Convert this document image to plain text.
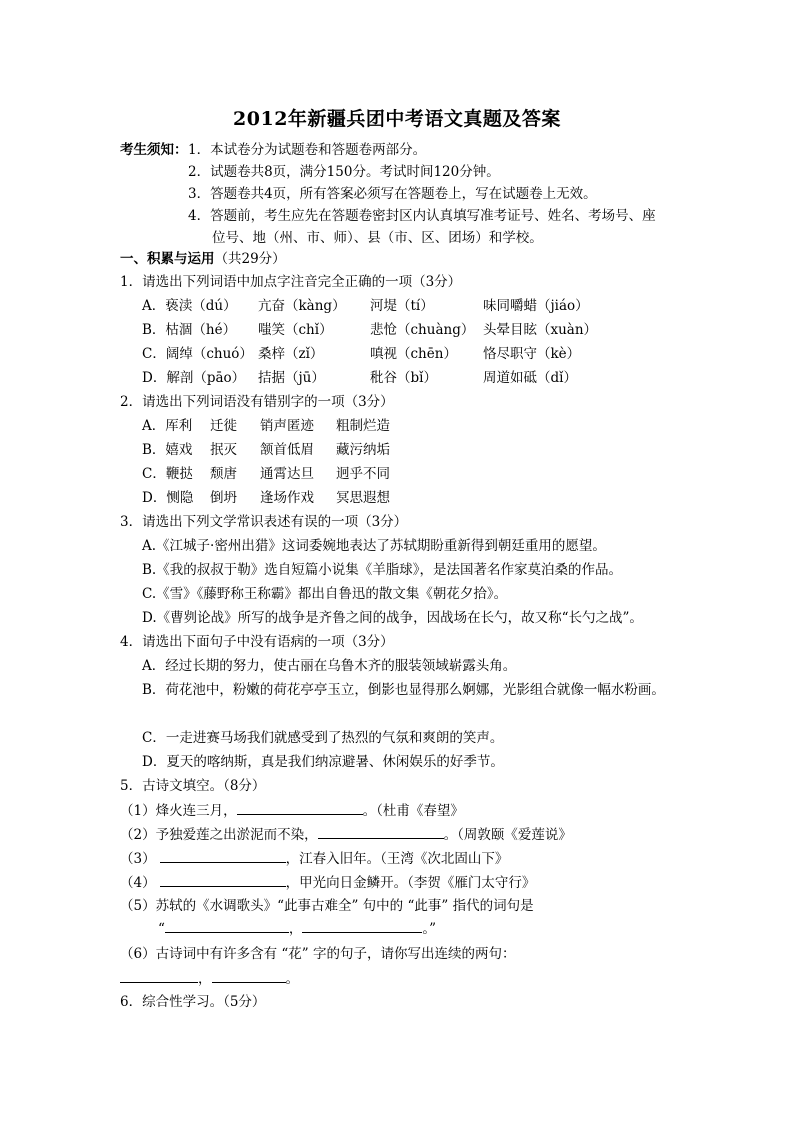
2012年新疆兵团中考语文真题及答案
考生须知： 1．本试卷分为试题卷和答题卷两部分。
2．试题卷共8页，满分150分。考试时间120分钟。
3．答题卷共4页，所有答案必须写在答题卷上，写在试题卷上无效。
4．答题前，考生应先在答题卷密封区内认真填写准考证号、姓名、考场号、座
位号、地（州、市、师）、县（市、区、团场）和学校。
一、积累与运用（共29分）
1．请选出下列词语中加点字注音完全正确的一项（3分）
A．亵渎（dú） 亢奋（kàng） 河堤（tí）	味同嚼蜡（jiáo）
B．枯涸（hé） 嗤笑（chǐ）	悲怆（chuàng） 头晕目眩（xuàn）
C．阔绰（chuó） 桑梓（zǐ）	嗔视（chēn） 恪尽职守（kè）
D．解剖（pāo） 拮据（jū）	秕谷（bǐ）	周道如砥（dǐ）
2．请选出下列词语没有错别字的一项（3分）
A．厍利 迁徙 销声匿迹 粗制烂造
B．嬉戏 抿灭 颔首低眉 藏污纳垢
C．鞭挞 颓唐 通霄达旦 迥乎不同
D．恻隐 倒坍 逢场作戏 冥思遐想
3．请选出下列文学常识表述有误的一项（3分）
A.《江城子·密州出猎》这词委婉地表达了苏轼期盼重新得到朝廷重用的愿望。
B.《我的叔叔于勒》选自短篇小说集《羊脂球》，是法国著名作家莫泊桑的作品。
C.《雪》《藤野称王称霸》都出自鲁迅的散文集《朝花夕拾》。
D.《曹刿论战》所写的战争是齐鲁之间的战争，因战场在长勺，故又称“长勺之战”。
4．请选出下面句子中没有语病的一项（3分）
A．经过长期的努力，使古丽在乌鲁木齐的服装领域崭露头角。
B．荷花池中，粉嫩的荷花亭亭玉立，倒影也显得那么婀娜，光影组合就像一幅水粉画。
C．一走进赛马场我们就感受到了热烈的气氛和爽朗的笑声。
D．夏天的喀纳斯，真是我们纳凉避暑、休闲娱乐的好季节。
5．古诗文填空。（8分）
（1）烽火连三月，	。（杜甫《春望》
（2）予独爱莲之出淤泥而不染，	。（周敦颐《爱莲说》
（3）	，江春入旧年。（王湾《次北固山下》
（4）	，甲光向日金鳞开。（李贺《雁门太守行》
（5）苏轼的《水调歌头》“此事古难全” 句中的 “此事” 指代的词句是
“	，	。”
（6）古诗词中有许多含有 “花” 字的句子，请你写出连续的两句：
，	。
6．综合性学习。（5分）
